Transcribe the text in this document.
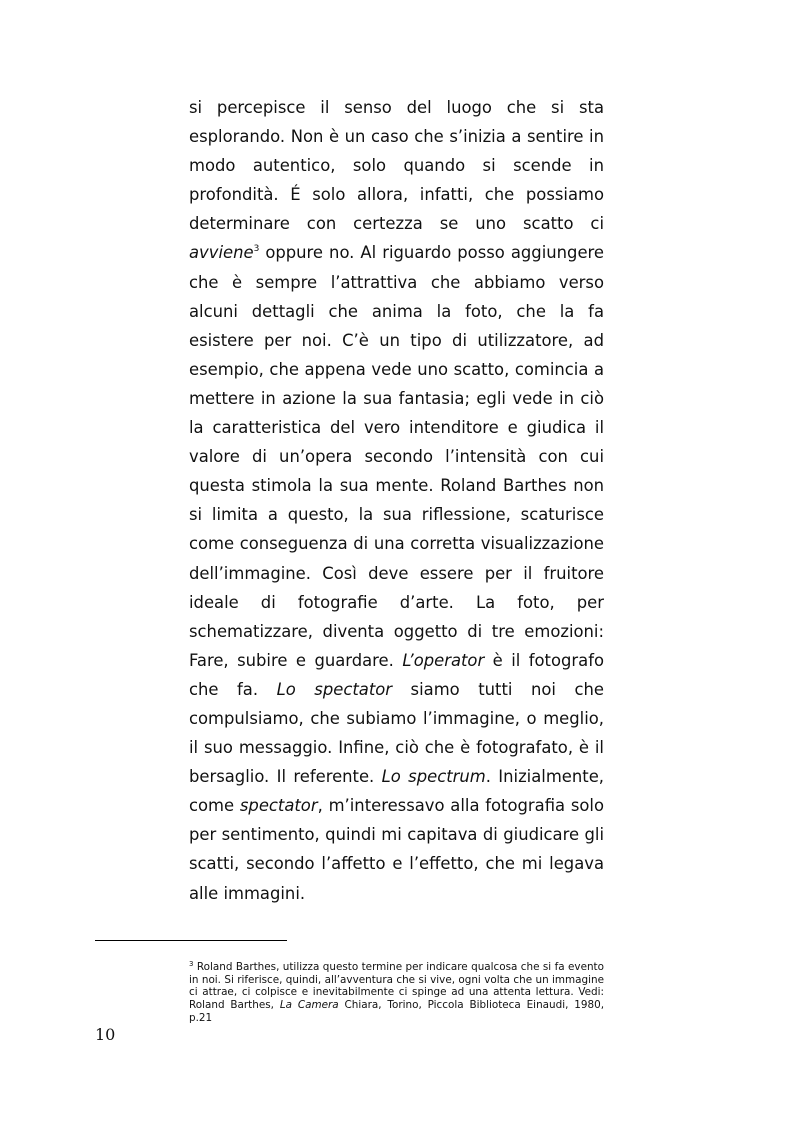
si percepisce il senso del luogo che si sta esplorando. Non è un caso che s’inizia a sentire in modo autentico, solo quando si scende in profondità. É solo allora, infatti, che possiamo determinare con certezza se uno scatto ci avviene$^3$ oppure no. Al riguardo posso aggiungere che è sempre l’attrattiva che abbiamo verso alcuni dettagli che anima la foto, che la fa esistere per noi. C’è un tipo di utilizzatore, ad esempio, che appena vede uno scatto, comincia a mettere in azione la sua fantasia; egli vede in ciò la caratteristica del vero intenditore e giudica il valore di un’opera secondo l’intensità con cui questa stimola la sua mente. Roland Barthes non si limita a questo, la sua riflessione, scaturisce come conseguenza di una corretta visualizzazione dell’immagine. Così deve essere per il fruitore ideale di fotografie d’arte. La foto, per schematizzare, diventa oggetto di tre emozioni: Fare, subire e guardare. L’operator è il fotografo che fa. Lo spectator siamo tutti noi che compulsiamo, che subiamo l’immagine, o meglio, il suo messaggio. Infine, ciò che è fotografato, è il bersaglio. Il referente. Lo spectrum. Inizialmente, come spectator, m’interessavo alla fotografia solo per sentimento, quindi mi capitava di giudicare gli scatti, secondo l’affetto e l’effetto, che mi legava alle immagini.

$^3$ Roland Barthes, utilizza questo termine per indicare qualcosa che si fa evento in noi. Si riferisce, quindi, all’avventura che si vive, ogni volta che un immagine ci attrae, ci colpisce e inevitabilmente ci spinge ad una attenta lettura. Vedi: Roland Barthes, La Camera Chiara, Torino, Piccola Biblioteca Einaudi, 1980, p.21
10
